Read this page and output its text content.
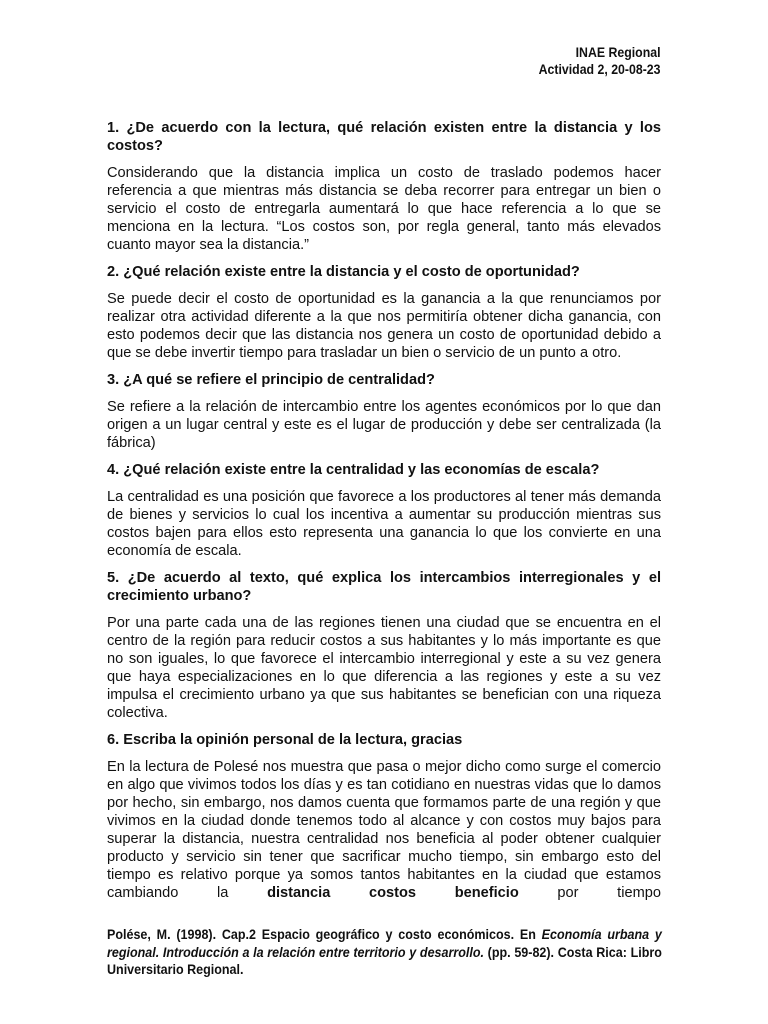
INAE Regional
Actividad 2, 20-08-23

1. ¿De acuerdo con la lectura, qué relación existen entre la distancia y los costos?

Considerando que la distancia implica un costo de traslado podemos hacer referencia a que mientras más distancia se deba recorrer para entregar un bien o servicio el costo de entregarla aumentará lo que hace referencia a lo que se menciona en la lectura. “Los costos son, por regla general, tanto más elevados cuanto mayor sea la distancia.”

2. ¿Qué relación existe entre la distancia y el costo de oportunidad?

Se puede decir el costo de oportunidad es la ganancia a la que renunciamos por realizar otra actividad diferente a la que nos permitiría obtener dicha ganancia, con esto podemos decir que las distancia nos genera un costo de oportunidad debido a que se debe invertir tiempo para trasladar un bien o servicio de un punto a otro.

3. ¿A qué se refiere el principio de centralidad?

Se refiere a la relación de intercambio entre los agentes económicos por lo que dan origen a un lugar central y este es el lugar de producción y debe ser centralizada (la fábrica)

4. ¿Qué relación existe entre la centralidad y las economías de escala?

La centralidad es una posición que favorece a los productores al tener más demanda de bienes y servicios lo cual los incentiva a aumentar su producción mientras sus costos bajen para ellos esto representa una ganancia lo que los convierte en una economía de escala.

5. ¿De acuerdo al texto, qué explica los intercambios interregionales y el crecimiento urbano?

Por una parte cada una de las regiones tienen una ciudad que se encuentra en el centro de la región para reducir costos a sus habitantes y lo más importante es que no son iguales, lo que favorece el intercambio interregional y este a su vez genera que haya especializaciones en lo que diferencia a las regiones y este a su vez impulsa el crecimiento urbano ya que sus habitantes se benefician con una riqueza colectiva.

6. Escriba la opinión personal de la lectura, gracias

En la lectura de Polesé nos muestra que pasa o mejor dicho como surge el comercio en algo que vivimos todos los días y es tan cotidiano en nuestras vidas que lo damos por hecho, sin embargo, nos damos cuenta que formamos parte de una región y que vivimos en la ciudad donde tenemos todo al alcance y con costos muy bajos para superar la distancia, nuestra centralidad nos beneficia al poder obtener cualquier producto y servicio sin tener que sacrificar mucho tiempo, sin embargo esto del tiempo es relativo porque ya somos tantos habitantes en la ciudad que estamos cambiando la distancia costos beneficio por tiempo

Polése, M. (1998). Cap.2 Espacio geográfico y costo económicos. En Economía urbana y regional. Introducción a la relación entre territorio y desarrollo. (pp. 59-82). Costa Rica: Libro Universitario Regional.
